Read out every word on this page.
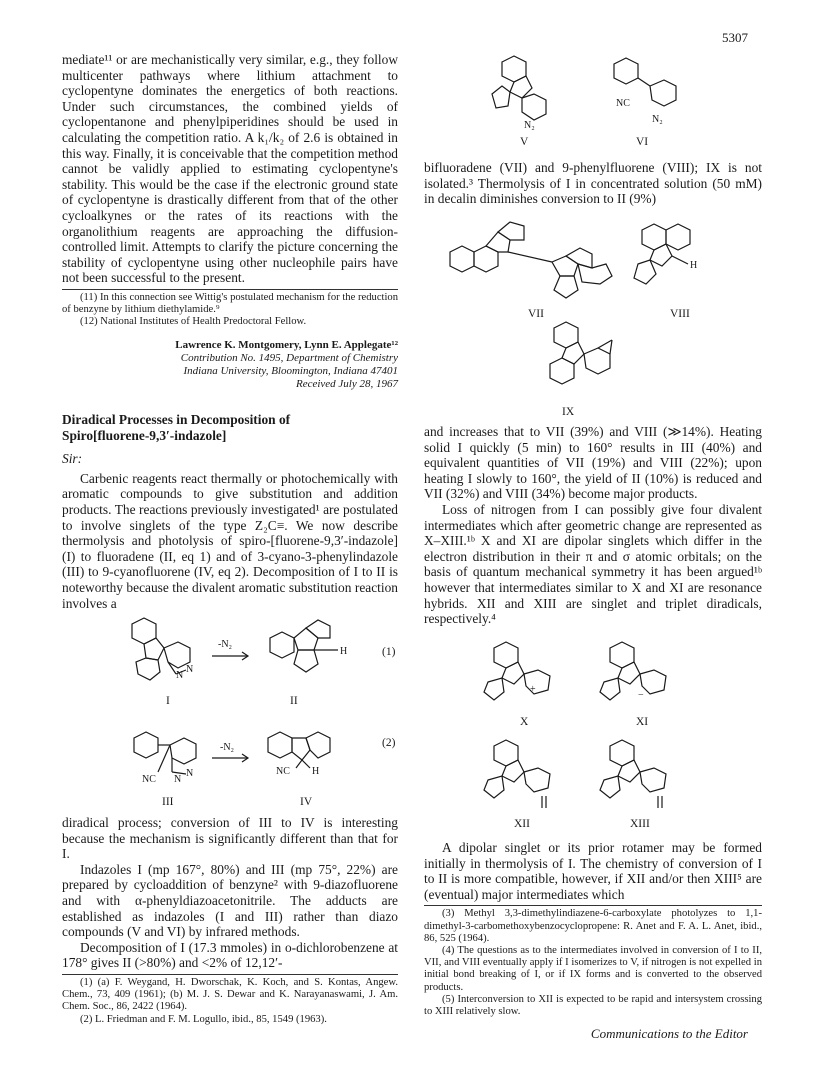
5307

mediate¹¹ or are mechanistically very similar, e.g., they follow multicenter pathways where lithium attachment to cyclopentyne dominates the energetics of both reactions. Under such circumstances, the combined yields of cyclopentanone and phenylpiperidines should be used in calculating the competition ratio. A k₁/k₂ of 2.6 is obtained in this way. Finally, it is conceivable that the competition method cannot be validly applied to estimating cyclopentyne's stability. This would be the case if the electronic ground state of cyclopentyne is drastically different from that of the other cycloalkynes or the rates of its reactions with the organolithium reagents are approaching the diffusion-controlled limit. Attempts to clarify the picture concerning the stability of cyclopentyne using other nucleophile pairs have not been successful to the present.

(11) In this connection see Wittig's postulated mechanism for the reduction of benzyne by lithium diethylamide.⁹

(12) National Institutes of Health Predoctoral Fellow.

Lawrence K. Montgomery, Lynn E. Applegate¹²
Contribution No. 1495, Department of Chemistry
Indiana University, Bloomington, Indiana 47401
Received July 28, 1967
Diradical Processes in Decomposition of
Spiro[fluorene-9,3′-indazole]
Sir:

Carbenic reagents react thermally or photochemically with aromatic compounds to give substitution and addition products. The reactions previously investigated¹ are postulated to involve singlets of the type Z₂C≡. We now describe thermolysis and photolysis of spiro-[fluorene-9,3′-indazole] (I) to fluoradene (II, eq 1) and of 3-cyano-3-phenylindazole (III) to 9-cyanofluorene (IV, eq 2). Decomposition of I to II is noteworthy because the divalent aromatic substitution reaction involves a

N
N
I
-N₂
H
II
(1)
NC N
N
III
-N₂
NC H
IV
(2)

diradical process; conversion of III to IV is interesting because the mechanism is significantly different than that for I.

Indazoles I (mp 167°, 80%) and III (mp 75°, 22%) are prepared by cycloaddition of benzyne² with 9-diazofluorene and with α-phenyldiazoacetonitrile. The adducts are established as indazoles (I and III) rather than diazo compounds (V and VI) by infrared methods.

Decomposition of I (17.3 mmoles) in o-dichlorobenzene at 178° gives II (>80%) and <2% of 12,12′-

(1) (a) F. Weygand, H. Dworschak, K. Koch, and S. Kontas, Angew. Chem., 73, 409 (1961); (b) M. J. S. Dewar and K. Narayanaswami, J. Am. Chem. Soc., 86, 2422 (1964).

(2) L. Friedman and F. M. Logullo, ibid., 85, 1549 (1963).

N₂
V
NC
N₂
VI

bifluoradene (VII) and 9-phenylfluorene (VIII); IX is not isolated.³ Thermolysis of I in concentrated solution (50 mM) in decalin diminishes conversion to II (9%)

VII
H
VIII
IX

and increases that to VII (39%) and VIII (≫14%). Heating solid I quickly (5 min) to 160° results in III (40%) and equivalent quantities of VII (19%) and VIII (22%); upon heating I slowly to 160°, the yield of II (10%) is reduced and VII (32%) and VIII (34%) become major products.

Loss of nitrogen from I can possibly give four divalent intermediates which after geometric change are represented as X–XIII.¹ᵇ X and XI are dipolar singlets which differ in the electron distribution in their π and σ atomic orbitals; on the basis of quantum mechanical symmetry it has been argued¹ᵇ however that intermediates similar to X and XI are resonance hybrids. XII and XIII are singlet and triplet diradicals, respectively.⁴

+
X
−
XI
XII	XIII

A dipolar singlet or its prior rotamer may be formed initially in thermolysis of I. The chemistry of conversion of I to II is more compatible, however, if XII and/or then XIII⁵ are (eventual) major intermediates which

(3) Methyl 3,3-dimethylindiazene-6-carboxylate photolyzes to 1,1-dimethyl-3-carbomethoxybenzocyclopropene: R. Anet and F. A. L. Anet, ibid., 86, 525 (1964).

(4) The questions as to the intermediates involved in conversion of I to II, VII, and VIII eventually apply if I isomerizes to V, if nitrogen is not expelled in initial bond breaking of I, or if IX forms and is converted to the observed products.

(5) Interconversion to XII is expected to be rapid and intersystem crossing to XIII relatively slow.

Communications to the Editor
